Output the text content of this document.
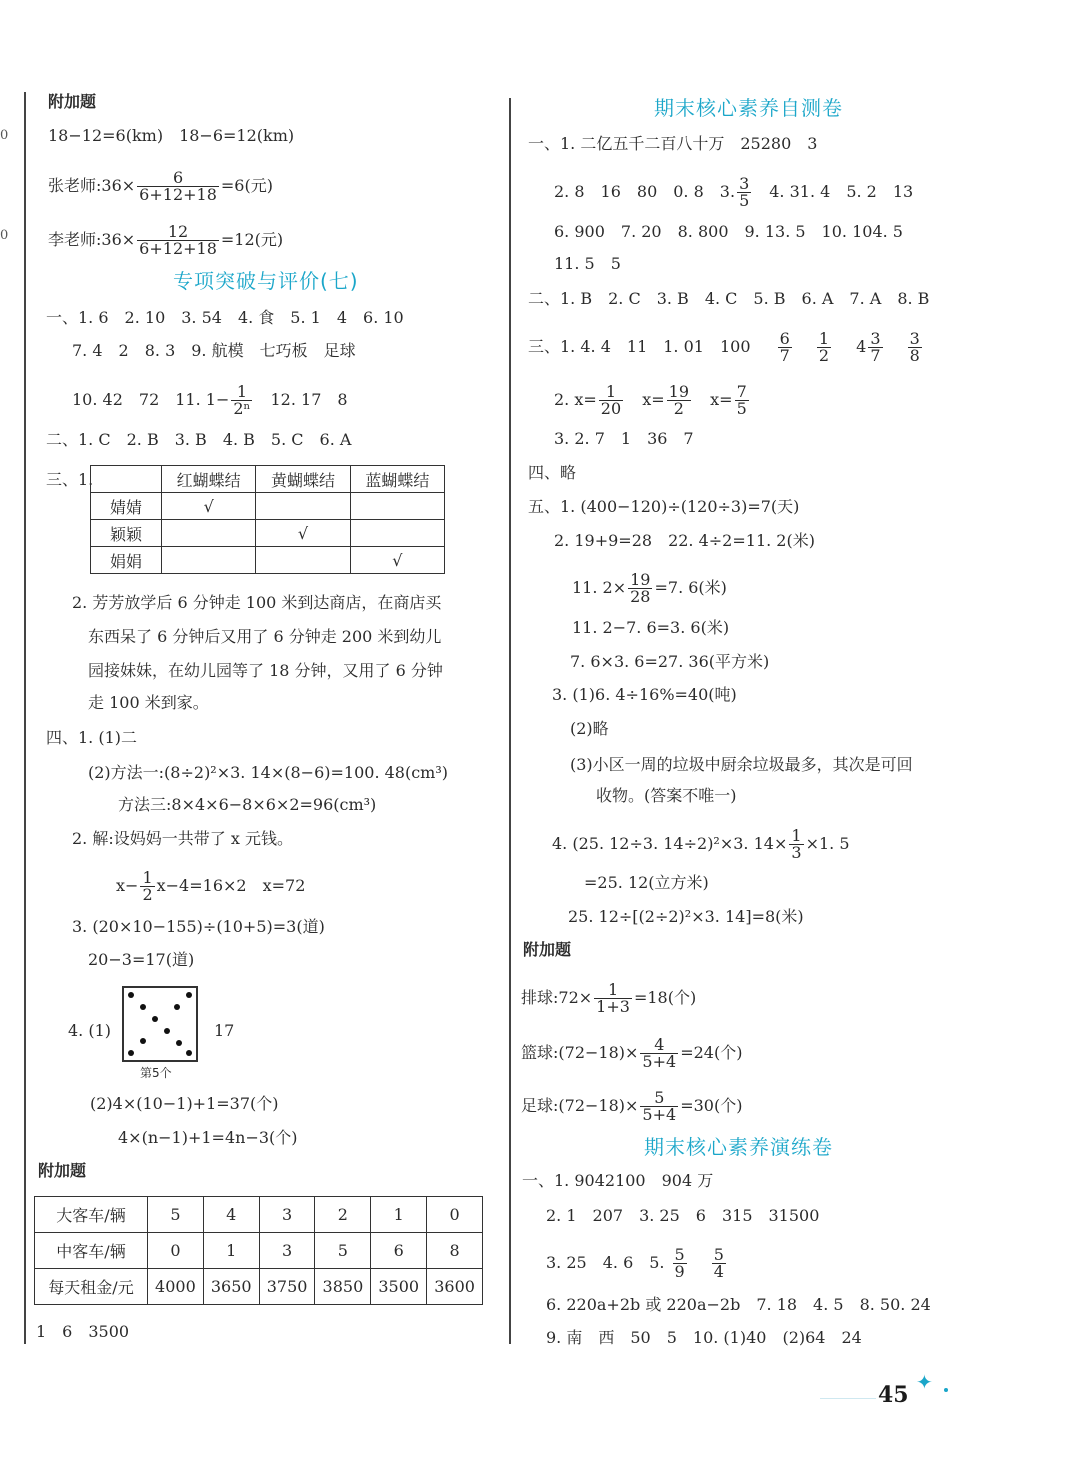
0
0
附加题
18−12=6(km)　18−6=12(km)
张老师:36× $\frac{6}{6+12+18} =6$(元)
李老师:36× $\frac{12}{6+12+18} =12$(元)
专项突破与评价(七)
一、1. 6　2. 10　3. 54　4. 食　5. 1　4　6. 10
7. 4　2　8. 3　9. 航模　七巧板　足球
10. 42　72　11. $1- \frac{1}{\text{2ⁿ}}$ 　12. 17　8
二、1. C　2. B　3. B　4. B　5. C　6. A
三、1.
		红蝴蝶结	黄蝴蝶结	蓝蝴蝶结
婧婧	√		
颖颖		√	
娟娟			√
2. 芳芳放学后 6 分钟走 100 米到达商店，在商店买
东西呆了 6 分钟后又用了 6 分钟走 200 米到幼儿
园接妹妹，在幼儿园等了 18 分钟，又用了 6 分钟
走 100 米到家。
四、1. (1)二
(2)方法一:(8÷2)²×3. 14×(8−6)=100. 48(cm³)
方法三:8×4×6−8×6×2=96(cm³)
2. 解:设妈妈一共带了 x 元钱。
$x- \frac{1}{2} x-4=16\times 2$　x=72
3. (20×10−155)÷(10+5)=3(道)
20−3=17(道)
4. (1)	17
第5个
(2)4×(10−1)+1=37(个)
4×(n−1)+1=4n−3(个)
附加题
大客车/辆	5	4	3	2	1	0
中客车/辆	0	1	3	5	6	8
每天租金/元	4000	3650	3750	3850	3500	3600
1　6　3500
期末核心素养自测卷
一、1. 二亿五千二百八十万　25280　3
2. 8　16　80　0. 8　3. $\frac{3}{5}$ 　4. 31. 4　5. 2　13
6. 900　7. 20　8. 800　9. 13. 5　10. 104. 5
11. 5　5
二、1. B　2. C　3. B　4. C　5. B　6. A　7. A　8. B
三、1. 4. 4　11　1. 01　$100 \frac{6}{7}$
$\frac{1}{2} 4 \frac{3}{7}$
$\frac{3}{8}$
2. $x= \frac{1}{20} x= \frac{19}{2} x= \frac{7}{5}$
3. 2. 7　1　36　7
四、略
五、1. (400−120)÷(120÷3)=7(天)
2. 19+9=28　22. 4÷2=11. 2(米)
11. $2\times \frac{19}{28} =7$. 6(米)
11. 2−7. 6=3. 6(米)
7. 6×3. 6=27. 36(平方米)
3. (1)6. 4÷16%=40(吨)
(2)略
(3)小区一周的垃圾中厨余垃圾最多，其次是可回
收物。(答案不唯一)
4. (25. 12÷3. 14÷2)²×3. $14\times \frac{1}{3} \times 1$. 5
=25. 12(立方米)
25. 12÷[(2÷2)²×3. 14]=8(米)
附加题
排球:72× $\frac{1}{1+3} =18$(个)
篮球:(72−18)× $\frac{4}{5+4} =24$(个)
足球:(72−18)× $\frac{5}{5+4} =30$(个)
期末核心素养演练卷
一、1. 9042100　904 万
2. 1　207　3. 25　6　315　31500
3. 25　4. 6　5. $\frac{5}{9}$
$\frac{5}{4}$
6. 220a+2b 或 220a−2b　7. 18　4. 5　8. 50. 24
9. 南　西　50　5　10. (1)40　(2)64　24
45 ✦
